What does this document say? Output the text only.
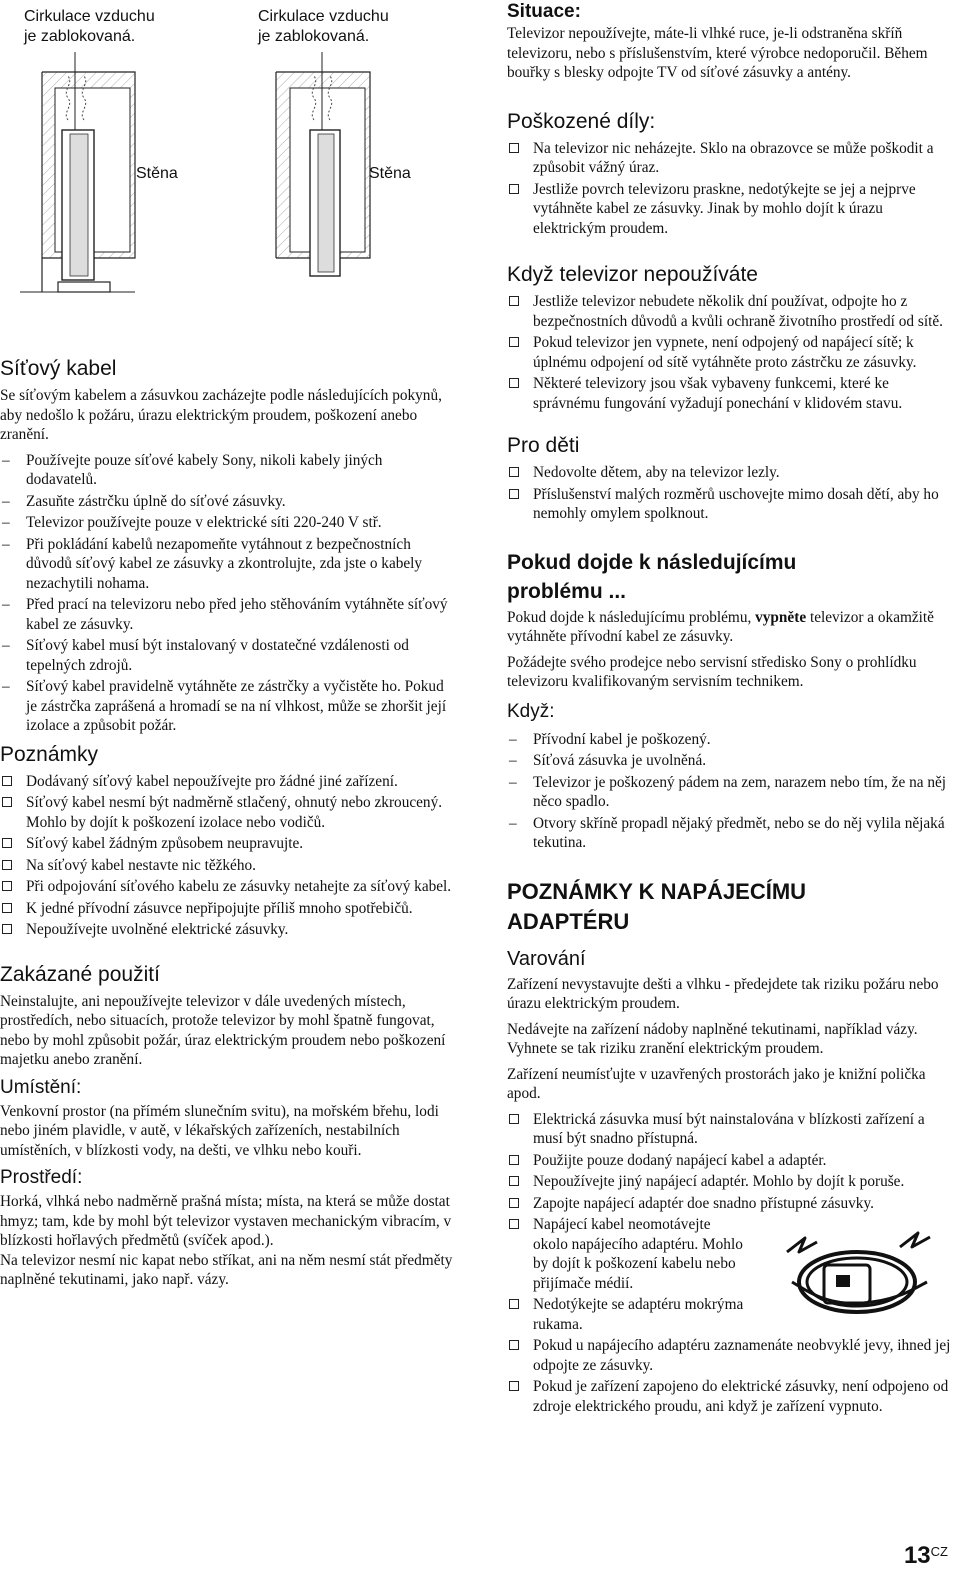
Cirkulace vzduchu
je zablokovaná.
Cirkulace vzduchu
je zablokovaná.
Stěna	Stěna
Síťový kabel

Se síťovým kabelem a zásuvkou zacházejte podle následujících pokynů, aby nedošlo k požáru, úrazu elektrickým proudem, poškození anebo zranění.

– Používejte pouze síťové kabely Sony, nikoli kabely jiných dodavatelů.
– Zasuňte zástrčku úplně do síťové zásuvky.
– Televizor používejte pouze v elektrické síti 220-240 V stř.
– Při pokládání kabelů nezapomeňte vytáhnout z bezpečnostních důvodů síťový kabel ze zásuvky a zkontrolujte, zda jste o kabely nezachytili nohama.
– Před prací na televizoru nebo před jeho stěhováním vytáhněte síťový kabel ze zásuvky.
– Síťový kabel musí být instalovaný v dostatečné vzdálenosti od tepelných zdrojů.
– Síťový kabel pravidelně vytáhněte ze zástrčky a vyčistěte ho. Pokud je zástrčka zaprášená a hromadí se na ní vlhkost, může se zhoršit její izolace a způsobit požár.
Poznámky
Dodávaný síťový kabel nepoužívejte pro žádné jiné zařízení.
Síťový kabel nesmí být nadměrně stlačený, ohnutý nebo zkroucený. Mohlo by dojít k poškození izolace nebo vodičů.
Síťový kabel žádným způsobem neupravujte.
Na síťový kabel nestavte nic těžkého.
Při odpojování síťového kabelu ze zásuvky netahejte za síťový kabel.
K jedné přívodní zásuvce nepřipojujte příliš mnoho spotřebičů.
Nepoužívejte uvolněné elektrické zásuvky.
Zakázané použití

Neinstalujte, ani nepoužívejte televizor v dále uvedených místech, prostředích, nebo situacích, protože televizor by mohl špatně fungovat, nebo by mohl způsobit požár, úraz elektrickým proudem nebo poškození majetku anebo zranění.

Umístění:

Venkovní prostor (na přímém slunečním svitu), na mořském břehu, lodi nebo jiném plavidle, v autě, v lékařských zařízeních, nestabilních umístěních, v blízkosti vody, na dešti, ve vlhku nebo kouři.

Prostředí:

Horká, vlhká nebo nadměrně prašná místa; místa, na která se může dostat hmyz; tam, kde by mohl být televizor vystaven mechanickým vibracím, v blízkosti hořlavých předmětů (svíček apod.).

Na televizor nesmí nic kapat nebo stříkat, ani na něm nesmí stát předměty naplněné tekutinami, jako např. vázy.

Situace:

Televizor nepoužívejte, máte-li vlhké ruce, je-li odstraněna skříň televizoru, nebo s příslušenstvím, které výrobce nedoporučil. Během bouřky s blesky odpojte TV od síťové zásuvky a antény.

Poškozené díly:
Na televizor nic neházejte. Sklo na obrazovce se může poškodit a způsobit vážný úraz.
Jestliže povrch televizoru praskne, nedotýkejte se jej a nejprve vytáhněte kabel ze zásuvky. Jinak by mohlo dojít k úrazu elektrickým proudem.
Když televizor nepoužíváte
Jestliže televizor nebudete několik dní používat, odpojte ho z bezpečnostních důvodů a kvůli ochraně životního prostředí od sítě.
Pokud televizor jen vypnete, není odpojený od napájecí sítě; k úplnému odpojení od sítě vytáhněte proto zástrčku ze zásuvky.
Některé televizory jsou však vybaveny funkcemi, které ke správnému fungování vyžadují ponechání v klidovém stavu.
Pro děti
Nedovolte dětem, aby na televizor lezly.
Příslušenství malých rozměrů uschovejte mimo dosah dětí, aby ho nemohly omylem spolknout.
Pokud dojde k následujícímu
problému ...

Pokud dojde k následujícímu problému, vypněte televizor a okamžitě vytáhněte přívodní kabel ze zásuvky.

Požádejte svého prodejce nebo servisní středisko Sony o prohlídku televizoru kvalifikovaným servisním technikem.

Když:
– Přívodní kabel je poškozený.
– Síťová zásuvka je uvolněná.
– Televizor je poškozený pádem na zem, narazem nebo tím, že na něj něco spadlo.
– Otvory skříně propadl nějaký předmět, nebo se do něj vylila nějaká tekutina.
POZNÁMKY K NAPÁJECÍMU
ADAPTÉRU
Varování

Zařízení nevystavujte dešti a vlhku - předejdete tak riziku požáru nebo úrazu elektrickým proudem.

Nedávejte na zařízení nádoby naplněné tekutinami, například vázy. Vyhnete se tak riziku zranění elektrickým proudem.

Zařízení neumísťujte v uzavřených prostorách jako je knižní polička apod.

Elektrická zásuvka musí být nainstalována v blízkosti zařízení a musí být snadno přístupná.
Použijte pouze dodaný napájecí kabel a adaptér.
Nepoužívejte jiný napájecí adaptér. Mohlo by dojít k poruše.
Zapojte napájecí adaptér doe snadno přístupné zásuvky.
Napájecí kabel neomotávejte okolo napájecího adaptéru. Mohlo by dojít k poškození kabelu nebo přijímače médií.
Nedotýkejte se adaptéru mokrýma rukama.
Pokud u napájecího adaptéru zaznamenáte neobvyklé jevy, ihned jej odpojte ze zásuvky.
Pokud je zařízení zapojeno do elektrické zásuvky, není odpojeno od zdroje elektrického proudu, ani když je zařízení vypnuto.
$13^{CZ}$
